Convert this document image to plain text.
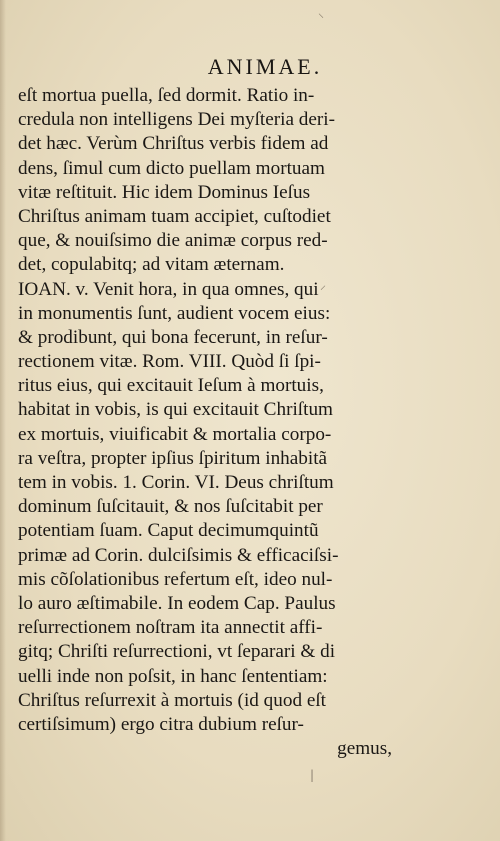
⸜
ANIMAE.
eſt mortua puella, ſed dormit. Ratio in-
credula non intelligens Dei myſteria deri-
det hæc. Verùm Chriſtus verbis fidem ad
dens, ſimul cum dicto puellam mortuam
vitæ reſtituit. Hic idem Dominus Ieſus
Chriſtus animam tuam accipiet, cuſtodiet
que, & nouiſsimo die animæ corpus red-
det, copulabitq; ad vitam æternam.
IOAN. v. Venit hora, in qua omnes, qui
in monumentis ſunt, audient vocem eius:
& prodibunt, qui bona fecerunt, in reſur-
rectionem vitæ. Rom. VIII. Quòd ſi ſpi-
ritus eius, qui excitauit Ieſum à mortuis,
habitat in vobis, is qui excitauit Chriſtum
ex mortuis, viuificabit & mortalia corpo-
ra veſtra, propter ipſius ſpiritum inhabitã
tem in vobis. 1. Corin. VI. Deus chriſtum
dominum ſuſcitauit, & nos ſuſcitabit per
potentiam ſuam. Caput decimumquintũ
primæ ad Corin. dulciſsimis & efficaciſsi-
mis cõſolationibus refertum eſt, ideo nul-
lo auro æſtimabile. In eodem Cap. Paulus
reſurrectionem noſtram ita annectit affi-
gitq; Chriſti reſurrectioni, vt ſeparari & di
uelli inde non poſsit, in hanc ſententiam:
Chriſtus reſurrexit à mortuis (id quod eſt
certiſsimum) ergo citra dubium reſur-
gemus,
⸝
|
